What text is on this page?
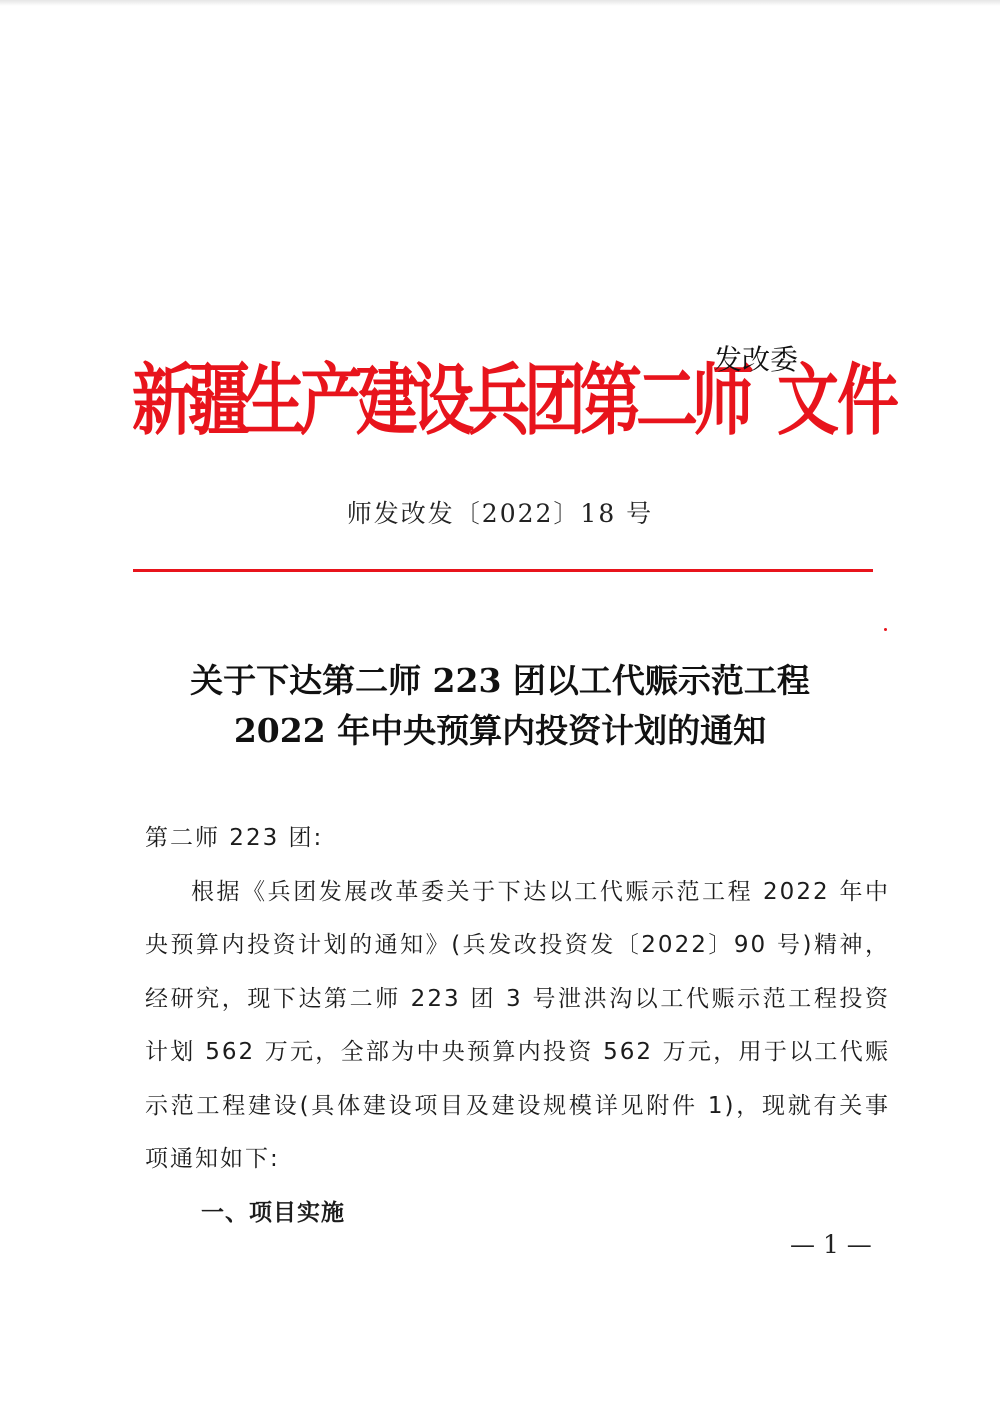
新疆生产建设兵团第二师
发改委
文件
师发改发〔2022〕18 号
关于下达第二师 223 团以工代赈示范工程
2022 年中央预算内投资计划的通知

第二师 223 团:

根据《兵团发展改革委关于下达以工代赈示范工程 2022 年中央预算内投资计划的通知》(兵发改投资发〔2022〕90 号)精神，经研究，现下达第二师 223 团 3 号泄洪沟以工代赈示范工程投资计划 562 万元，全部为中央预算内投资 562 万元，用于以工代赈示范工程建设(具体建设项目及建设规模详见附件 1)，现就有关事项通知如下:

一、项目实施

— 1 —
